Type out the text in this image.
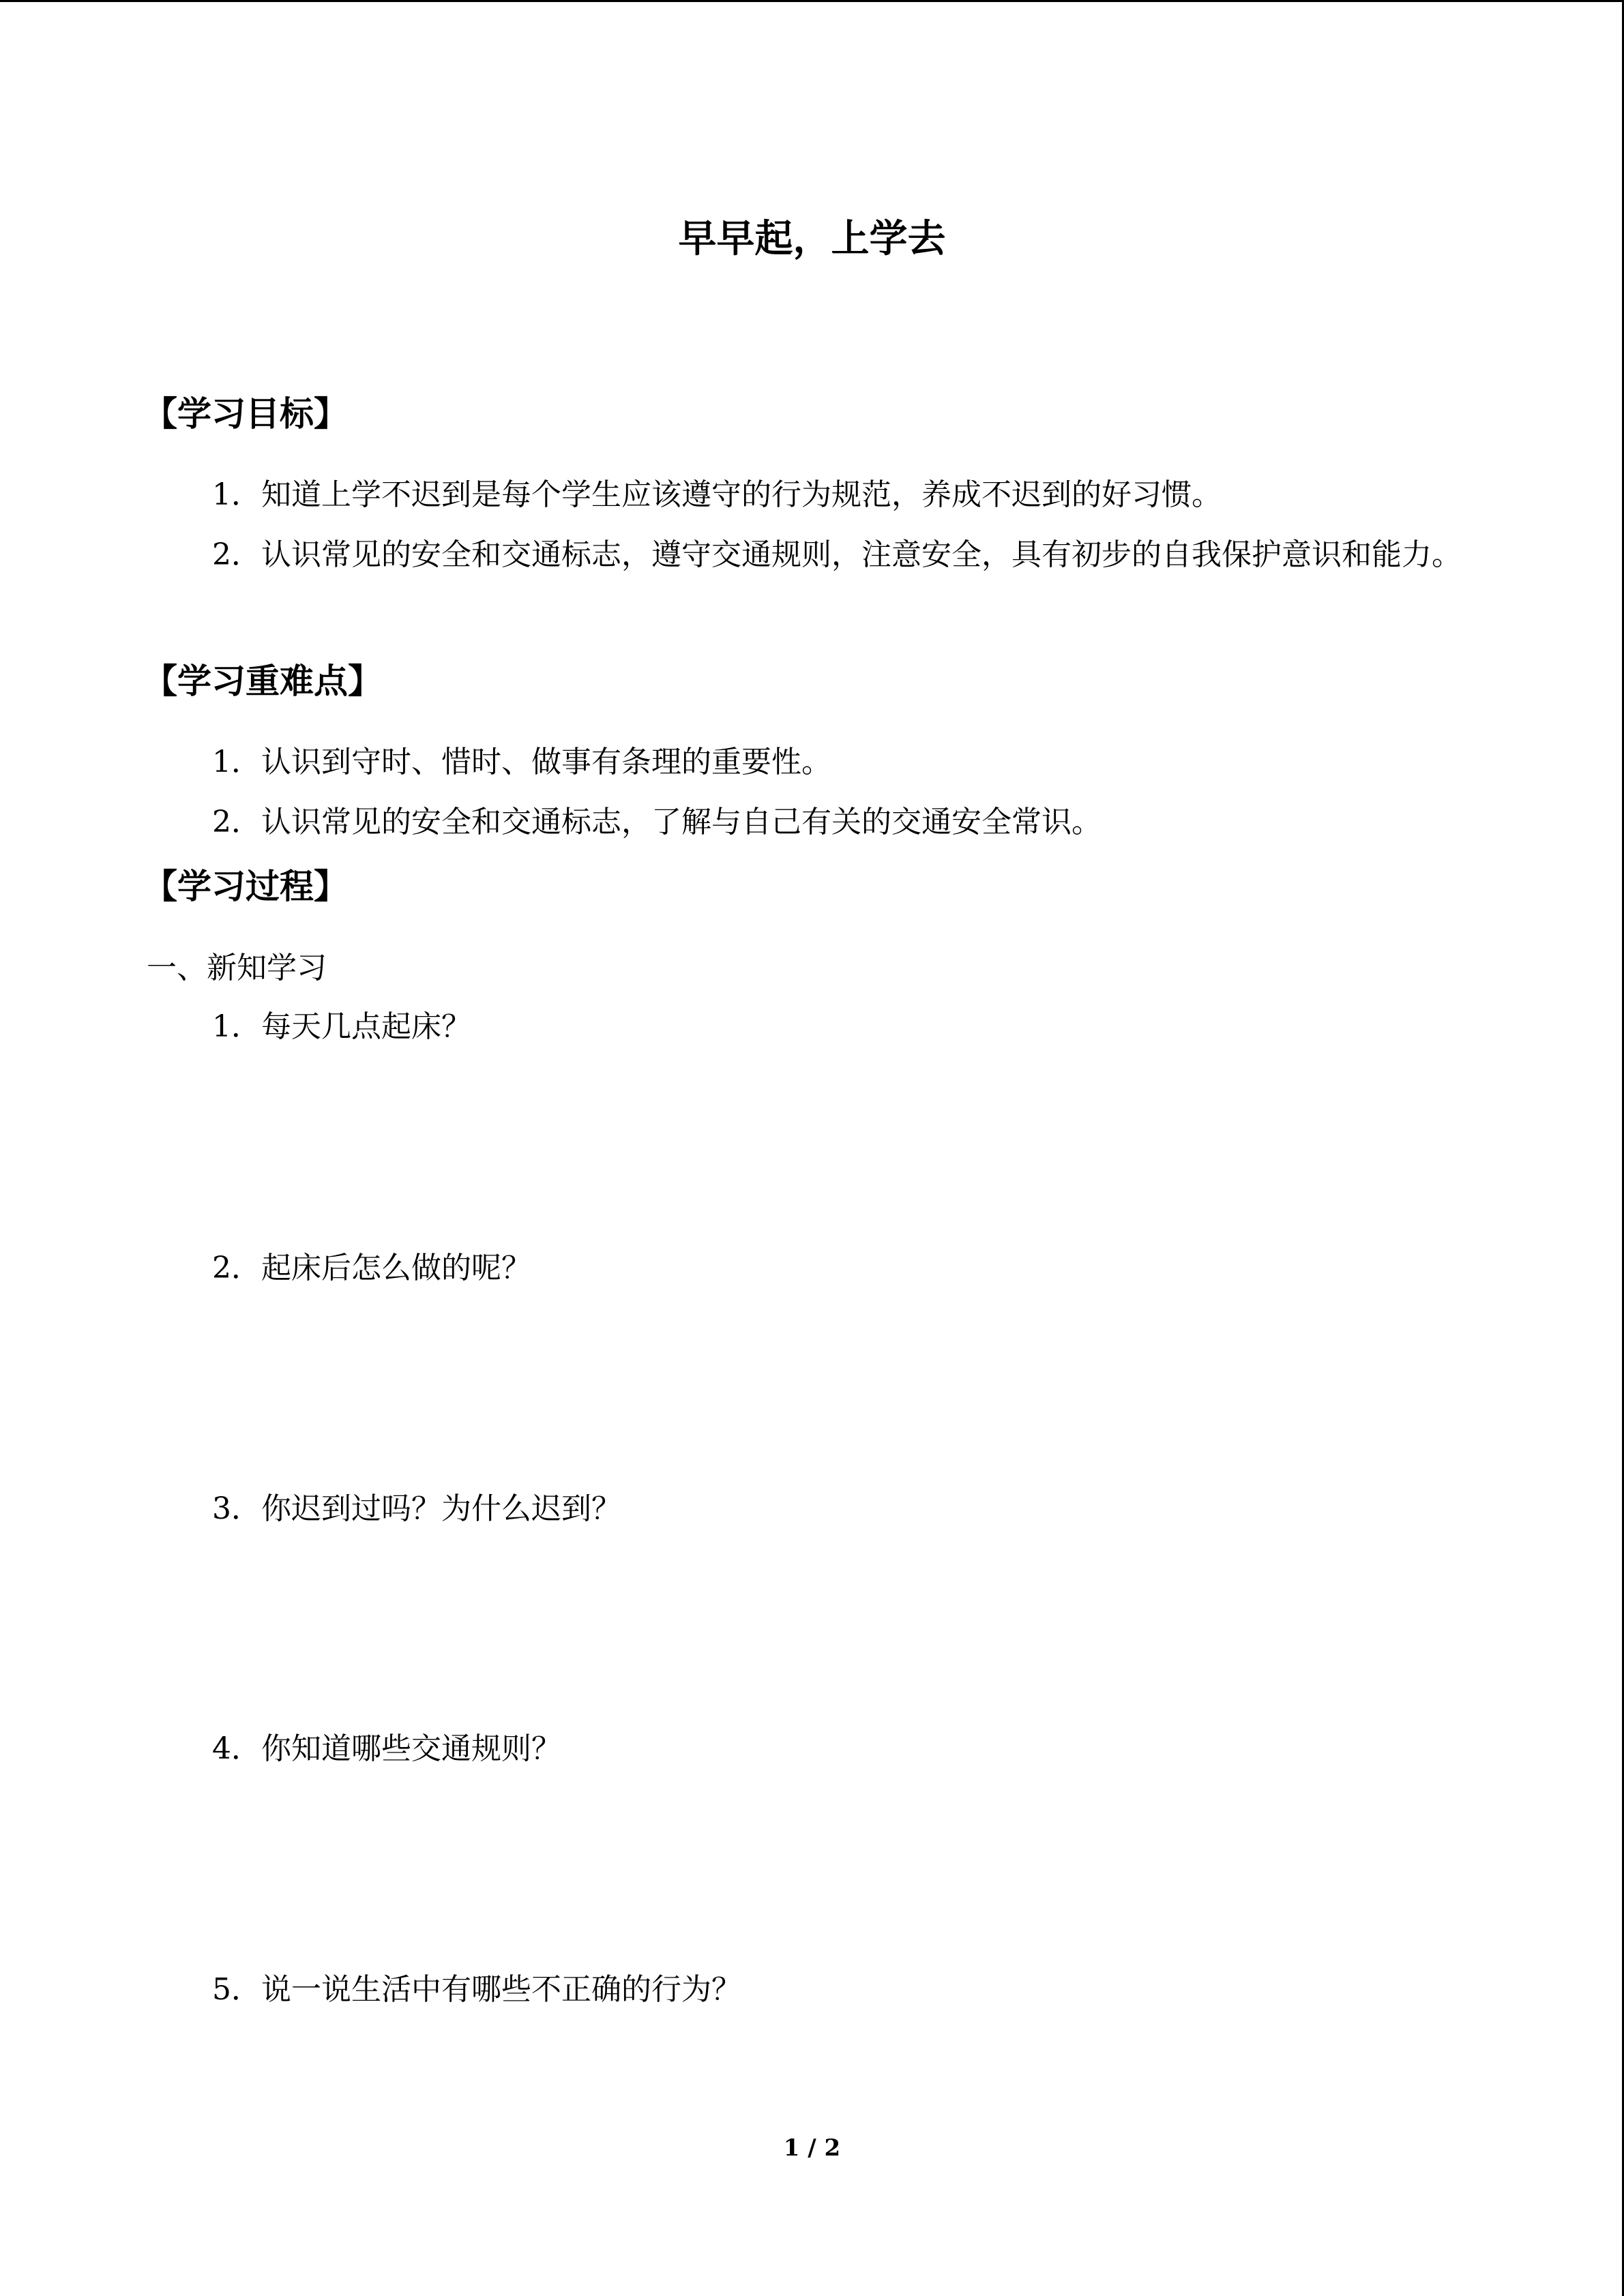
早早起，上学去
【学习目标】
1．知道上学不迟到是每个学生应该遵守的行为规范，养成不迟到的好习惯。
2．认识常见的安全和交通标志，遵守交通规则，注意安全，具有初步的自我保护意识和能力。
【学习重难点】
1．认识到守时、惜时、做事有条理的重要性。
2．认识常见的安全和交通标志，了解与自己有关的交通安全常识。
【学习过程】
一、新知学习
1．每天几点起床？
2．起床后怎么做的呢？
3．你迟到过吗？为什么迟到？
4．你知道哪些交通规则？
5．说一说生活中有哪些不正确的行为？
1 / 2
